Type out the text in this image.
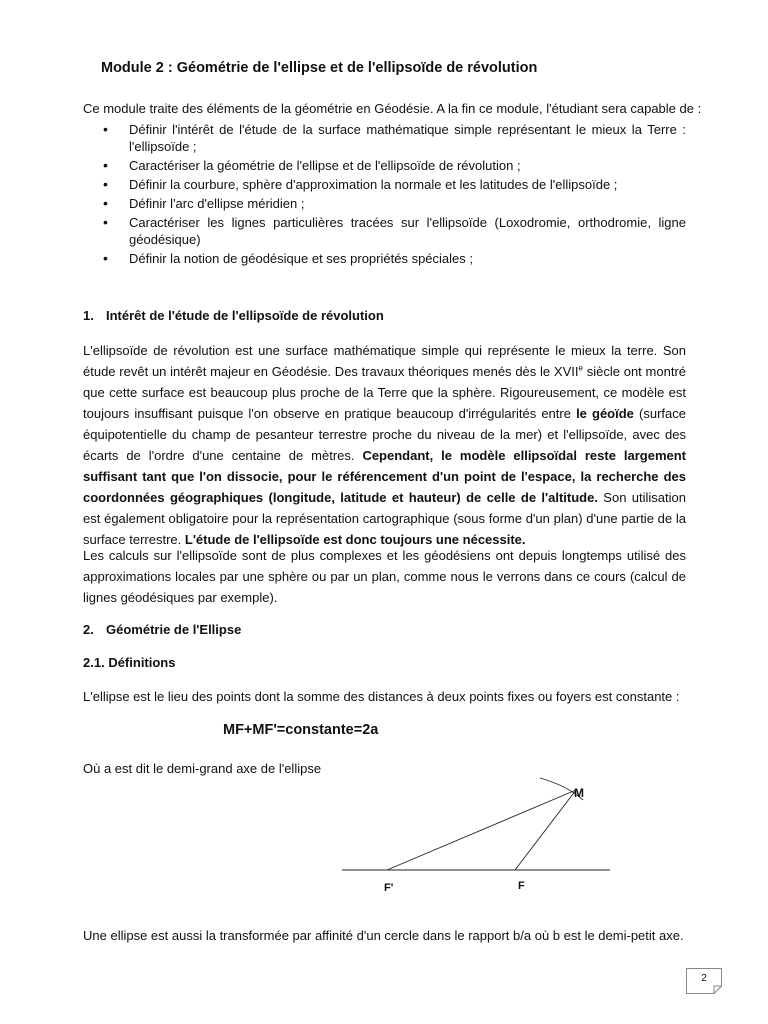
Module 2 : Géométrie de l'ellipse et de l'ellipsoïde de révolution
Ce module traite des éléments de la géométrie en Géodésie. A la fin ce module, l'étudiant sera capable de :
• Définir l'intérêt de l'étude de la surface mathématique simple représentant le mieux la Terre : l'ellipsoïde ;
• Caractériser la géométrie de l'ellipse et de l'ellipsoïde de révolution ;
• Définir la courbure, sphère d'approximation la normale et les latitudes de l'ellipsoïde ;
• Définir l'arc d'ellipse méridien ;
• Caractériser les lignes particulières tracées sur l'ellipsoïde (Loxodromie, orthodromie, ligne géodésique)
• Définir la notion de géodésique et ses propriétés spéciales ;
1. Intérêt de l'étude de l'ellipsoïde de révolution
L'ellipsoïde de révolution est une surface mathématique simple qui représente le mieux la terre. Son étude revêt un intérêt majeur en Géodésie. Des travaux théoriques menés dès le XVIIe siècle ont montré que cette surface est beaucoup plus proche de la Terre que la sphère. Rigoureusement, ce modèle est toujours insuffisant puisque l'on observe en pratique beaucoup d'irrégularités entre le géoïde (surface équipotentielle du champ de pesanteur terrestre proche du niveau de la mer) et l'ellipsoïde, avec des écarts de l'ordre d'une centaine de mètres. Cependant, le modèle ellipsoïdal reste largement suffisant tant que l'on dissocie, pour le référencement d'un point de l'espace, la recherche des coordonnées géographiques (longitude, latitude et hauteur) de celle de l'altitude. Son utilisation est également obligatoire pour la représentation cartographique (sous forme d'un plan) d'une partie de la surface terrestre. L'étude de l'ellipsoïde est donc toujours une nécessite.
Les calculs sur l'ellipsoïde sont de plus complexes et les géodésiens ont depuis longtemps utilisé des approximations locales par une sphère ou par un plan, comme nous le verrons dans ce cours (calcul de lignes géodésiques par exemple).
2. Géométrie de l'Ellipse
2.1. Définitions
L'ellipse est le lieu des points dont la somme des distances à deux points fixes ou foyers est constante :
MF+MF'=constante=2a
Où a est dit le demi-grand axe de l'ellipse
M
F'	F
Une ellipse est aussi la transformée par affinité d'un cercle dans le rapport b/a où b est le demi-petit axe.
2
